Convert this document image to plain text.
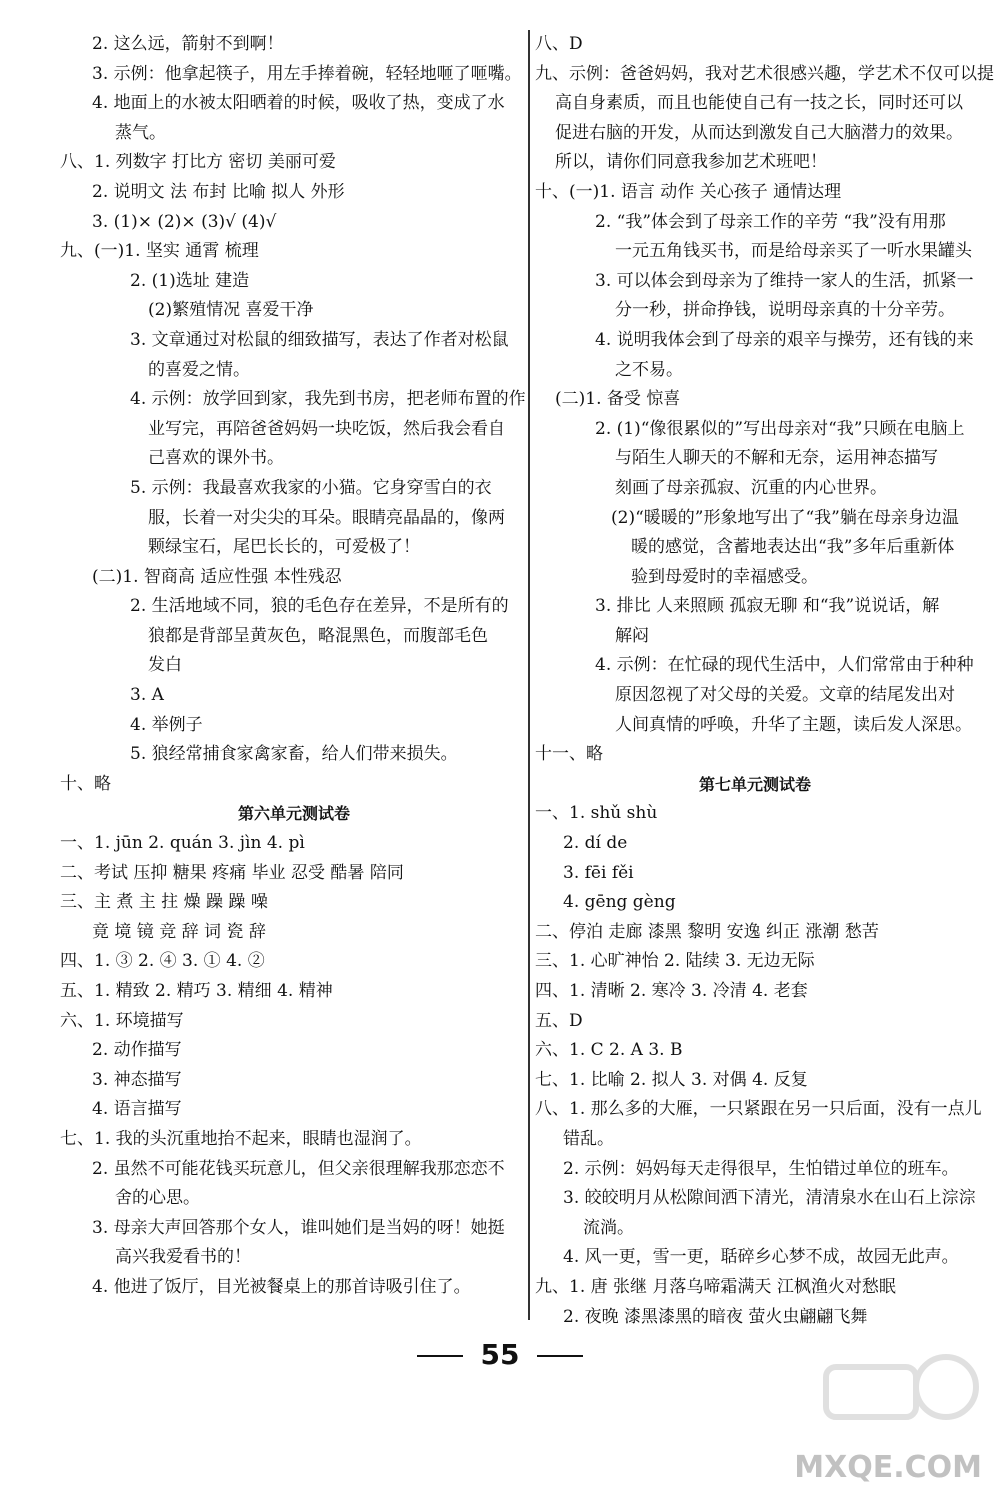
2. 这么远，箭射不到啊！
3. 示例：他拿起筷子，用左手捧着碗，轻轻地咂了咂嘴。
4. 地面上的水被太阳晒着的时候，吸收了热，变成了水
蒸气。
八、1. 列数字 打比方 密切 美丽可爱
2. 说明文 法 布封 比喻 拟人 外形
3. (1)× (2)× (3)√ (4)√
九、(一)1. 坚实 通霄 梳理
2. (1)选址 建造
(2)繁殖情况 喜爱干净
3. 文章通过对松鼠的细致描写，表达了作者对松鼠
的喜爱之情。
4. 示例：放学回到家，我先到书房，把老师布置的作
业写完，再陪爸爸妈妈一块吃饭，然后我会看自
己喜欢的课外书。
5. 示例：我最喜欢我家的小猫。它身穿雪白的衣
服，长着一对尖尖的耳朵。眼睛亮晶晶的，像两
颗绿宝石，尾巴长长的，可爱极了！
(二)1. 智商高 适应性强 本性残忍
2. 生活地域不同，狼的毛色存在差异，不是所有的
狼都是背部呈黄灰色，略混黑色，而腹部毛色
发白
3. A
4. 举例子
5. 狼经常捕食家禽家畜，给人们带来损失。
十、略
第六单元测试卷
一、1. jūn 2. quán 3. jìn 4. pì
二、考试 压抑 糖果 疼痛 毕业 忍受 酷暑 陪同
三、主 煮 主 拄 燥 躁 躁 噪
竟 境 镜 竞 辞 词 瓷 辞
四、1. ③ 2. ④ 3. ① 4. ②
五、1. 精致 2. 精巧 3. 精细 4. 精神
六、1. 环境描写
2. 动作描写
3. 神态描写
4. 语言描写
七、1. 我的头沉重地抬不起来，眼睛也湿润了。
2. 虽然不可能花钱买玩意儿，但父亲很理解我那恋恋不
舍的心思。
3. 母亲大声回答那个女人，谁叫她们是当妈的呀！她挺
高兴我爱看书的！
4. 他进了饭厅，目光被餐桌上的那首诗吸引住了。
八、D
九、示例：爸爸妈妈，我对艺术很感兴趣，学艺术不仅可以提
高自身素质，而且也能使自己有一技之长，同时还可以
促进右脑的开发，从而达到激发自己大脑潜力的效果。
所以，请你们同意我参加艺术班吧！
十、(一)1. 语言 动作 关心孩子 通情达理
2. “我”体会到了母亲工作的辛劳 “我”没有用那
一元五角钱买书，而是给母亲买了一听水果罐头
3. 可以体会到母亲为了维持一家人的生活，抓紧一
分一秒，拼命挣钱，说明母亲真的十分辛劳。
4. 说明我体会到了母亲的艰辛与操劳，还有钱的来
之不易。
(二)1. 备受 惊喜
2. (1)“像很累似的”写出母亲对“我”只顾在电脑上
与陌生人聊天的不解和无奈，运用神态描写
刻画了母亲孤寂、沉重的内心世界。
(2)“暖暖的”形象地写出了“我”躺在母亲身边温
暖的感觉，含蓄地表达出“我”多年后重新体
验到母爱时的幸福感受。
3. 排比 人来照顾 孤寂无聊 和“我”说说话，解
解闷
4. 示例：在忙碌的现代生活中，人们常常由于种种
原因忽视了对父母的关爱。文章的结尾发出对
人间真情的呼唤，升华了主题，读后发人深思。
十一、略
第七单元测试卷
一、1. shǔ shù
2. dí de
3. fēi fěi
4. gēng gèng
二、停泊 走廊 漆黑 黎明 安逸 纠正 涨潮 愁苦
三、1. 心旷神怡 2. 陆续 3. 无边无际
四、1. 清晰 2. 寒冷 3. 冷清 4. 老套
五、D
六、1. C 2. A 3. B
七、1. 比喻 2. 拟人 3. 对偶 4. 反复
八、1. 那么多的大雁，一只紧跟在另一只后面，没有一点儿
错乱。
2. 示例：妈妈每天走得很早，生怕错过单位的班车。
3. 皎皎明月从松隙间洒下清光，清清泉水在山石上淙淙
流淌。
4. 风一更，雪一更，聒碎乡心梦不成，故园无此声。
九、1. 唐 张继 月落乌啼霜满天 江枫渔火对愁眠
2. 夜晚 漆黑漆黑的暗夜 萤火虫翩翩飞舞
55
MXQE.COM
